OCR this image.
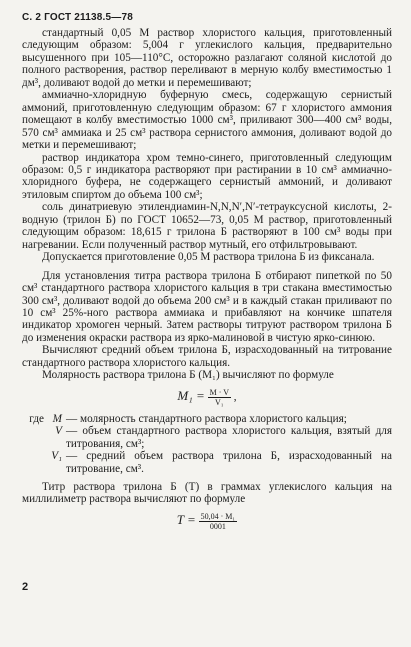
С. 2 ГОСТ 21138.5—78

стандартный 0,05 М раствор хлористого кальция, приготовленный следующим образом: 5,004 г углекислого кальция, предварительно высушенного при 105—110°С, осторожно разлагают соляной кислотой до полного растворения, раствор переливают в мерную колбу вместимостью 1 дм³, доливают водой до метки и перемешивают;

аммиачно-хлоридную буферную смесь, содержащую сернистый аммоний, приготовленную следующим образом: 67 г хлористого аммония помещают в колбу вместимостью 1000 см³, приливают 300—400 см³ воды, 570 см³ аммиака и 25 см³ раствора сернистого аммония, доливают водой до метки и перемешивают;

раствор индикатора хром темно-синего, приготовленный следующим образом: 0,5 г индикатора растворяют при растирании в 10 см³ аммиачно-хлоридного буфера, не содержащего сернистый аммоний, и доливают этиловым спиртом до объема 100 см³;

соль динатриевую этилендиамин-N,N,N′,N′-тетрауксусной кислоты, 2-водную (трилон Б) по ГОСТ 10652—73, 0,05 М раствор, приготовленный следующим образом: 18,615 г трилона Б растворяют в 100 см³ воды при нагревании. Если полученный раствор мутный, его отфильтровывают.

Допускается приготовление 0,05 М раствора трилона Б из фиксанала.

Для установления титра раствора трилона Б отбирают пипеткой по 50 см³ стандартного раствора хлористого кальция в три стакана вместимостью 300 см³, доливают водой до объема 200 см³ и в каждый стакан приливают по 10 см³ 25%-ного раствора аммиака и прибавляют на кончике шпателя индикатор хромоген черный. Затем растворы титруют раствором трилона Б до изменения окраски раствора из ярко-малиновой в чистую ярко-синюю.

Вычисляют средний объем трилона Б, израсходованный на титрование стандартного раствора хлористого кальция.

Молярность раствора трилона Б (M₁) вычисляют по формуле

$M_1 = \frac{M \cdot V}{\text{V₁}}$ ,
где M — молярность стандартного раствора хлористого кальция;
V — объем стандартного раствора хлористого кальция, взятый для титрования, см³;
V₁ — средний объем раствора трилона Б, израсходованный на титрование, см³.

Титр раствора трилона Б (T) в граммах углекислого кальция на миллилиметр раствора вычисляют по формуле

$T = \frac{\text{50,04 · M₁}}{0001}$
2
